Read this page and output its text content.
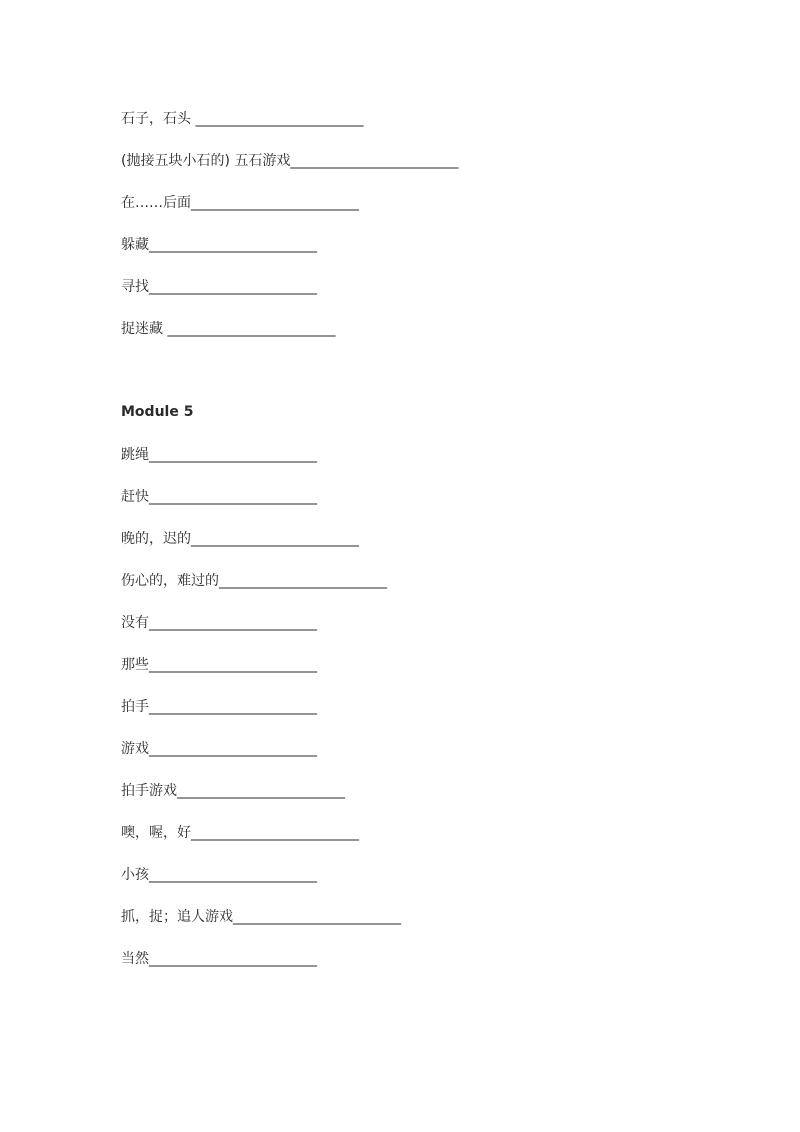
石子，石头 ________________________
(抛接五块小石的) 五石游戏________________________
在……后面________________________
躲藏________________________
寻找________________________
捉迷藏 ________________________
Module 5
跳绳________________________
赶快________________________
晚的，迟的________________________
伤心的，难过的________________________
没有________________________
那些________________________
拍手________________________
游戏________________________
拍手游戏________________________
噢，喔，好________________________
小孩________________________
抓，捉；追人游戏________________________
当然________________________
